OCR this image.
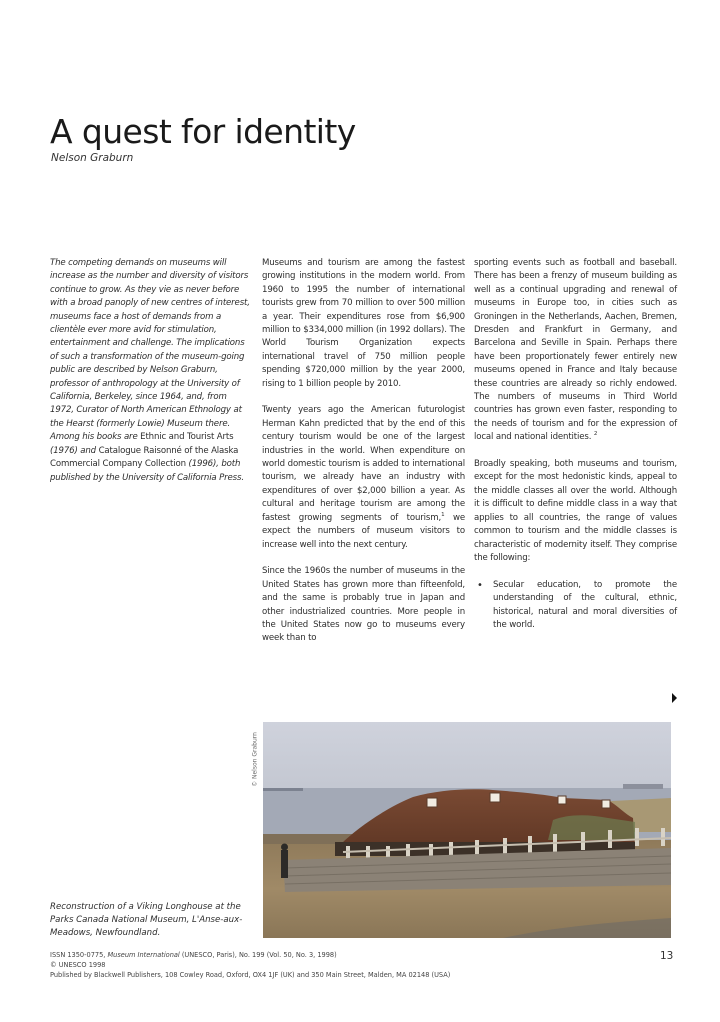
A quest for identity
Nelson Graburn

The competing demands on museums will increase as the number and diversity of visitors continue to grow. As they vie as never before with a broad panoply of new centres of interest, museums face a host of demands from a clientèle ever more avid for stimulation, entertainment and challenge. The implications of such a transformation of the museum-going public are described by Nelson Graburn, professor of anthropology at the University of California, Berkeley, since 1964, and, from 1972, Curator of North American Ethnology at the Hearst (formerly Lowie) Museum there. Among his books are Ethnic and Tourist Arts (1976) and Catalogue Raisonné of the Alaska Commercial Company Collection (1996), both published by the University of California Press.

Museums and tourism are among the fastest growing institutions in the modern world. From 1960 to 1995 the number of international tourists grew from 70 million to over 500 million a year. Their expenditures rose from $6,900 million to $334,000 million (in 1992 dollars). The World Tourism Organization expects international travel of 750 million people spending $720,000 million by the year 2000, rising to 1 billion people by 2010.

Twenty years ago the American futurologist Herman Kahn predicted that by the end of this century tourism would be one of the largest industries in the world. When expenditure on world domestic tourism is added to international tourism, we already have an industry with expenditures of over $2,000 billion a year. As cultural and heritage tourism are among the fastest growing segments of tourism,$^1$ we expect the numbers of museum visitors to increase well into the next century.

Since the 1960s the number of museums in the United States has grown more than fifteenfold, and the same is probably true in Japan and other industrialized countries. More people in the United States now go to museums every week than to

sporting events such as football and baseball. There has been a frenzy of museum building as well as a continual upgrading and renewal of museums in Europe too, in cities such as Groningen in the Netherlands, Aachen, Bremen, Dresden and Frankfurt in Germany, and Barcelona and Seville in Spain. Perhaps there have been proportionately fewer entirely new museums opened in France and Italy because these countries are already so richly endowed. The numbers of museums in Third World countries has grown even faster, responding to the needs of tourism and for the expression of local and national identities. $^2$

Broadly speaking, both museums and tourism, except for the most hedonistic kinds, appeal to the middle classes all over the world. Although it is difficult to define middle class in a way that applies to all countries, the range of values common to tourism and the middle classes is characteristic of modernity itself. They comprise the following:

• Secular education, to promote the understanding of the cultural, ethnic, historical, natural and moral diversities of the world.
© Nelson Graburn
Reconstruction of a Viking Longhouse at the Parks Canada National Museum, L'Anse-aux-Meadows, Newfoundland.
ISSN 1350-0775, Museum International (UNESCO, Paris), No. 199 (Vol. 50, No. 3, 1998)
© UNESCO 1998
Published by Blackwell Publishers, 108 Cowley Road, Oxford, OX4 1JF (UK) and 350 Main Street, Malden, MA 02148 (USA)
13
